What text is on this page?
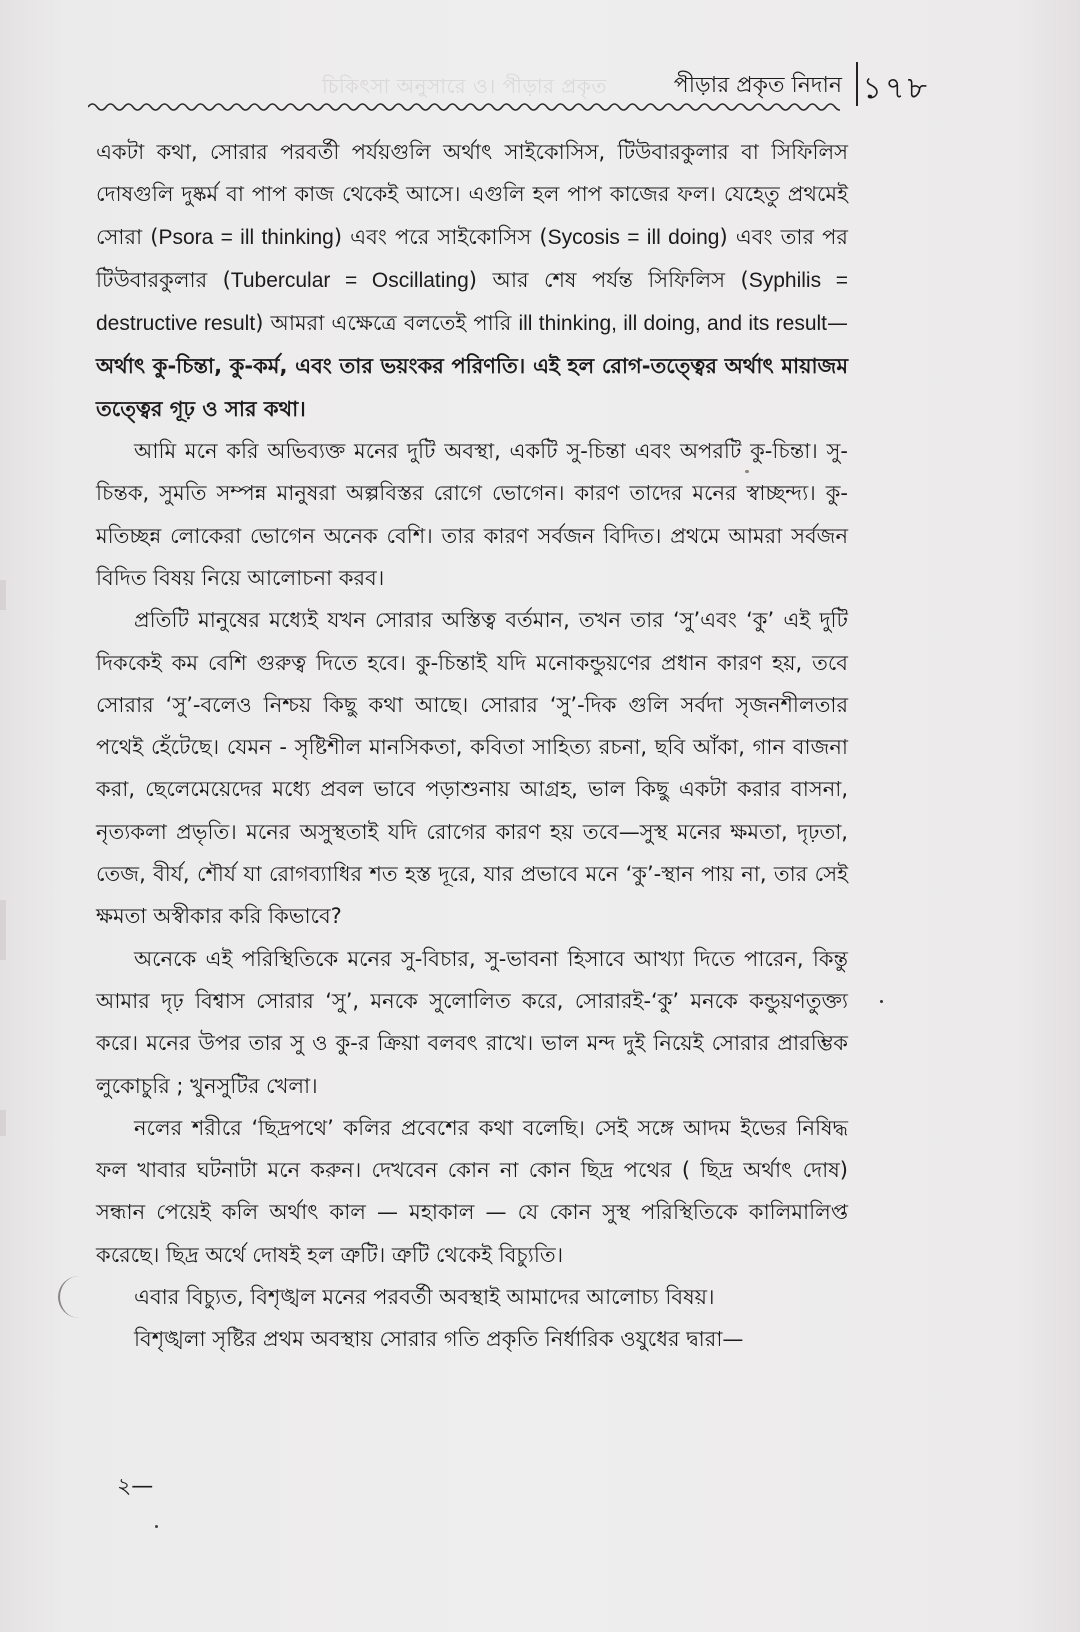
চিকিৎসা অনুসারে ও। পীড়ার প্রকৃত	পীড়ার প্রকৃত নিদান ১৭৮

একটা কথা, সোরার পরবর্তী পর্যয়গুলি অর্থাৎ সাইকোসিস, টিউবারকুলার বা সিফিলিস দোষগুলি দুষ্কর্ম বা পাপ কাজ থেকেই আসে। এগুলি হল পাপ কাজের ফল। যেহেতু প্রথমেই সোরা (Psora = ill thinking) এবং পরে সাইকোসিস (Sycosis = ill doing) এবং তার পর টিউবারকুলার (Tubercular = Oscillating) আর শেষ পর্যন্ত সিফিলিস (Syphilis = destructive result) আমরা এক্ষেত্রে বলতেই পারি ill thinking, ill doing, and its result— অর্থাৎ কু-চিন্তা, কু-কর্ম, এবং তার ভয়ংকর পরিণতি। এই হল রোগ-তত্ত্বের অর্থাৎ মায়াজম তত্ত্বের গূঢ় ও সার কথা।

আমি মনে করি অভিব্যক্ত মনের দুটি অবস্থা, একটি সু-চিন্তা এবং অপরটি কু-চিন্তা। সু-চিন্তক, সুমতি সম্পন্ন মানুষরা অল্পবিস্তর রোগে ভোগেন। কারণ তাদের মনের স্বাচ্ছন্দ্য। কু-মতিচ্ছন্ন লোকেরা ভোগেন অনেক বেশি। তার কারণ সর্বজন বিদিত। প্রথমে আমরা সর্বজন বিদিত বিষয় নিয়ে আলোচনা করব।

প্রতিটি মানুষের মধ্যেই যখন সোরার অস্তিত্ব বর্তমান, তখন তার ‘সু’এবং ‘কু’ এই দুটি দিককেই কম বেশি গুরুত্ব দিতে হবে। কু-চিন্তাই যদি মনোকন্ডুয়ণের প্রধান কারণ হয়, তবে সোরার ‘সু’-বলেও নিশ্চয় কিছু কথা আছে। সোরার ‘সু’-দিক গুলি সর্বদা সৃজনশীলতার পথেই হেঁটেছে। যেমন - সৃষ্টিশীল মানসিকতা, কবিতা সাহিত্য রচনা, ছবি আঁকা, গান বাজনা করা, ছেলেমেয়েদের মধ্যে প্রবল ভাবে পড়াশুনায় আগ্রহ, ভাল কিছু একটা করার বাসনা, নৃত্যকলা প্রভৃতি। মনের অসুস্থতাই যদি রোগের কারণ হয় তবে—সুস্থ মনের ক্ষমতা, দৃঢ়তা, তেজ, বীর্য, শৌর্য যা রোগব্যাধির শত হস্ত দূরে, যার প্রভাবে মনে ‘কু’-স্থান পায় না, তার সেই ক্ষমতা অস্বীকার করি কিভাবে?

অনেকে এই পরিস্থিতিকে মনের সু-বিচার, সু-ভাবনা হিসাবে আখ্যা দিতে পারেন, কিন্তু আমার দৃঢ় বিশ্বাস সোরার ‘সু’, মনকে সুলোলিত করে, সোরারই-‘কু’ মনকে কন্ডুয়ণতুক্ত্য করে। মনের উপর তার সু ও কু-র ক্রিয়া বলবৎ রাখে। ভাল মন্দ দুই নিয়েই সোরার প্রারম্ভিক লুকোচুরি ; খুনসুটির খেলা।

নলের শরীরে ‘ছিদ্রপথে’ কলির প্রবেশের কথা বলেছি। সেই সঙ্গে আদম ইভের নিষিদ্ধ ফল খাবার ঘটনাটা মনে করুন। দেখবেন কোন না কোন ছিদ্র পথের ( ছিদ্র অর্থাৎ দোষ) সন্ধান পেয়েই কলি অর্থাৎ কাল — মহাকাল — যে কোন সুস্থ পরিস্থিতিকে কালিমালিপ্ত করেছে। ছিদ্র অর্থে দোষই হল ত্রুটি। ত্রুটি থেকেই বিচ্যুতি।

এবার বিচ্যুত, বিশৃঙ্খল মনের পরবর্তী অবস্থাই আমাদের আলোচ্য বিষয়।

বিশৃঙ্খলা সৃষ্টির প্রথম অবস্থায় সোরার গতি প্রকৃতি নির্ধারিক ওযুধের দ্বারা—

২—
